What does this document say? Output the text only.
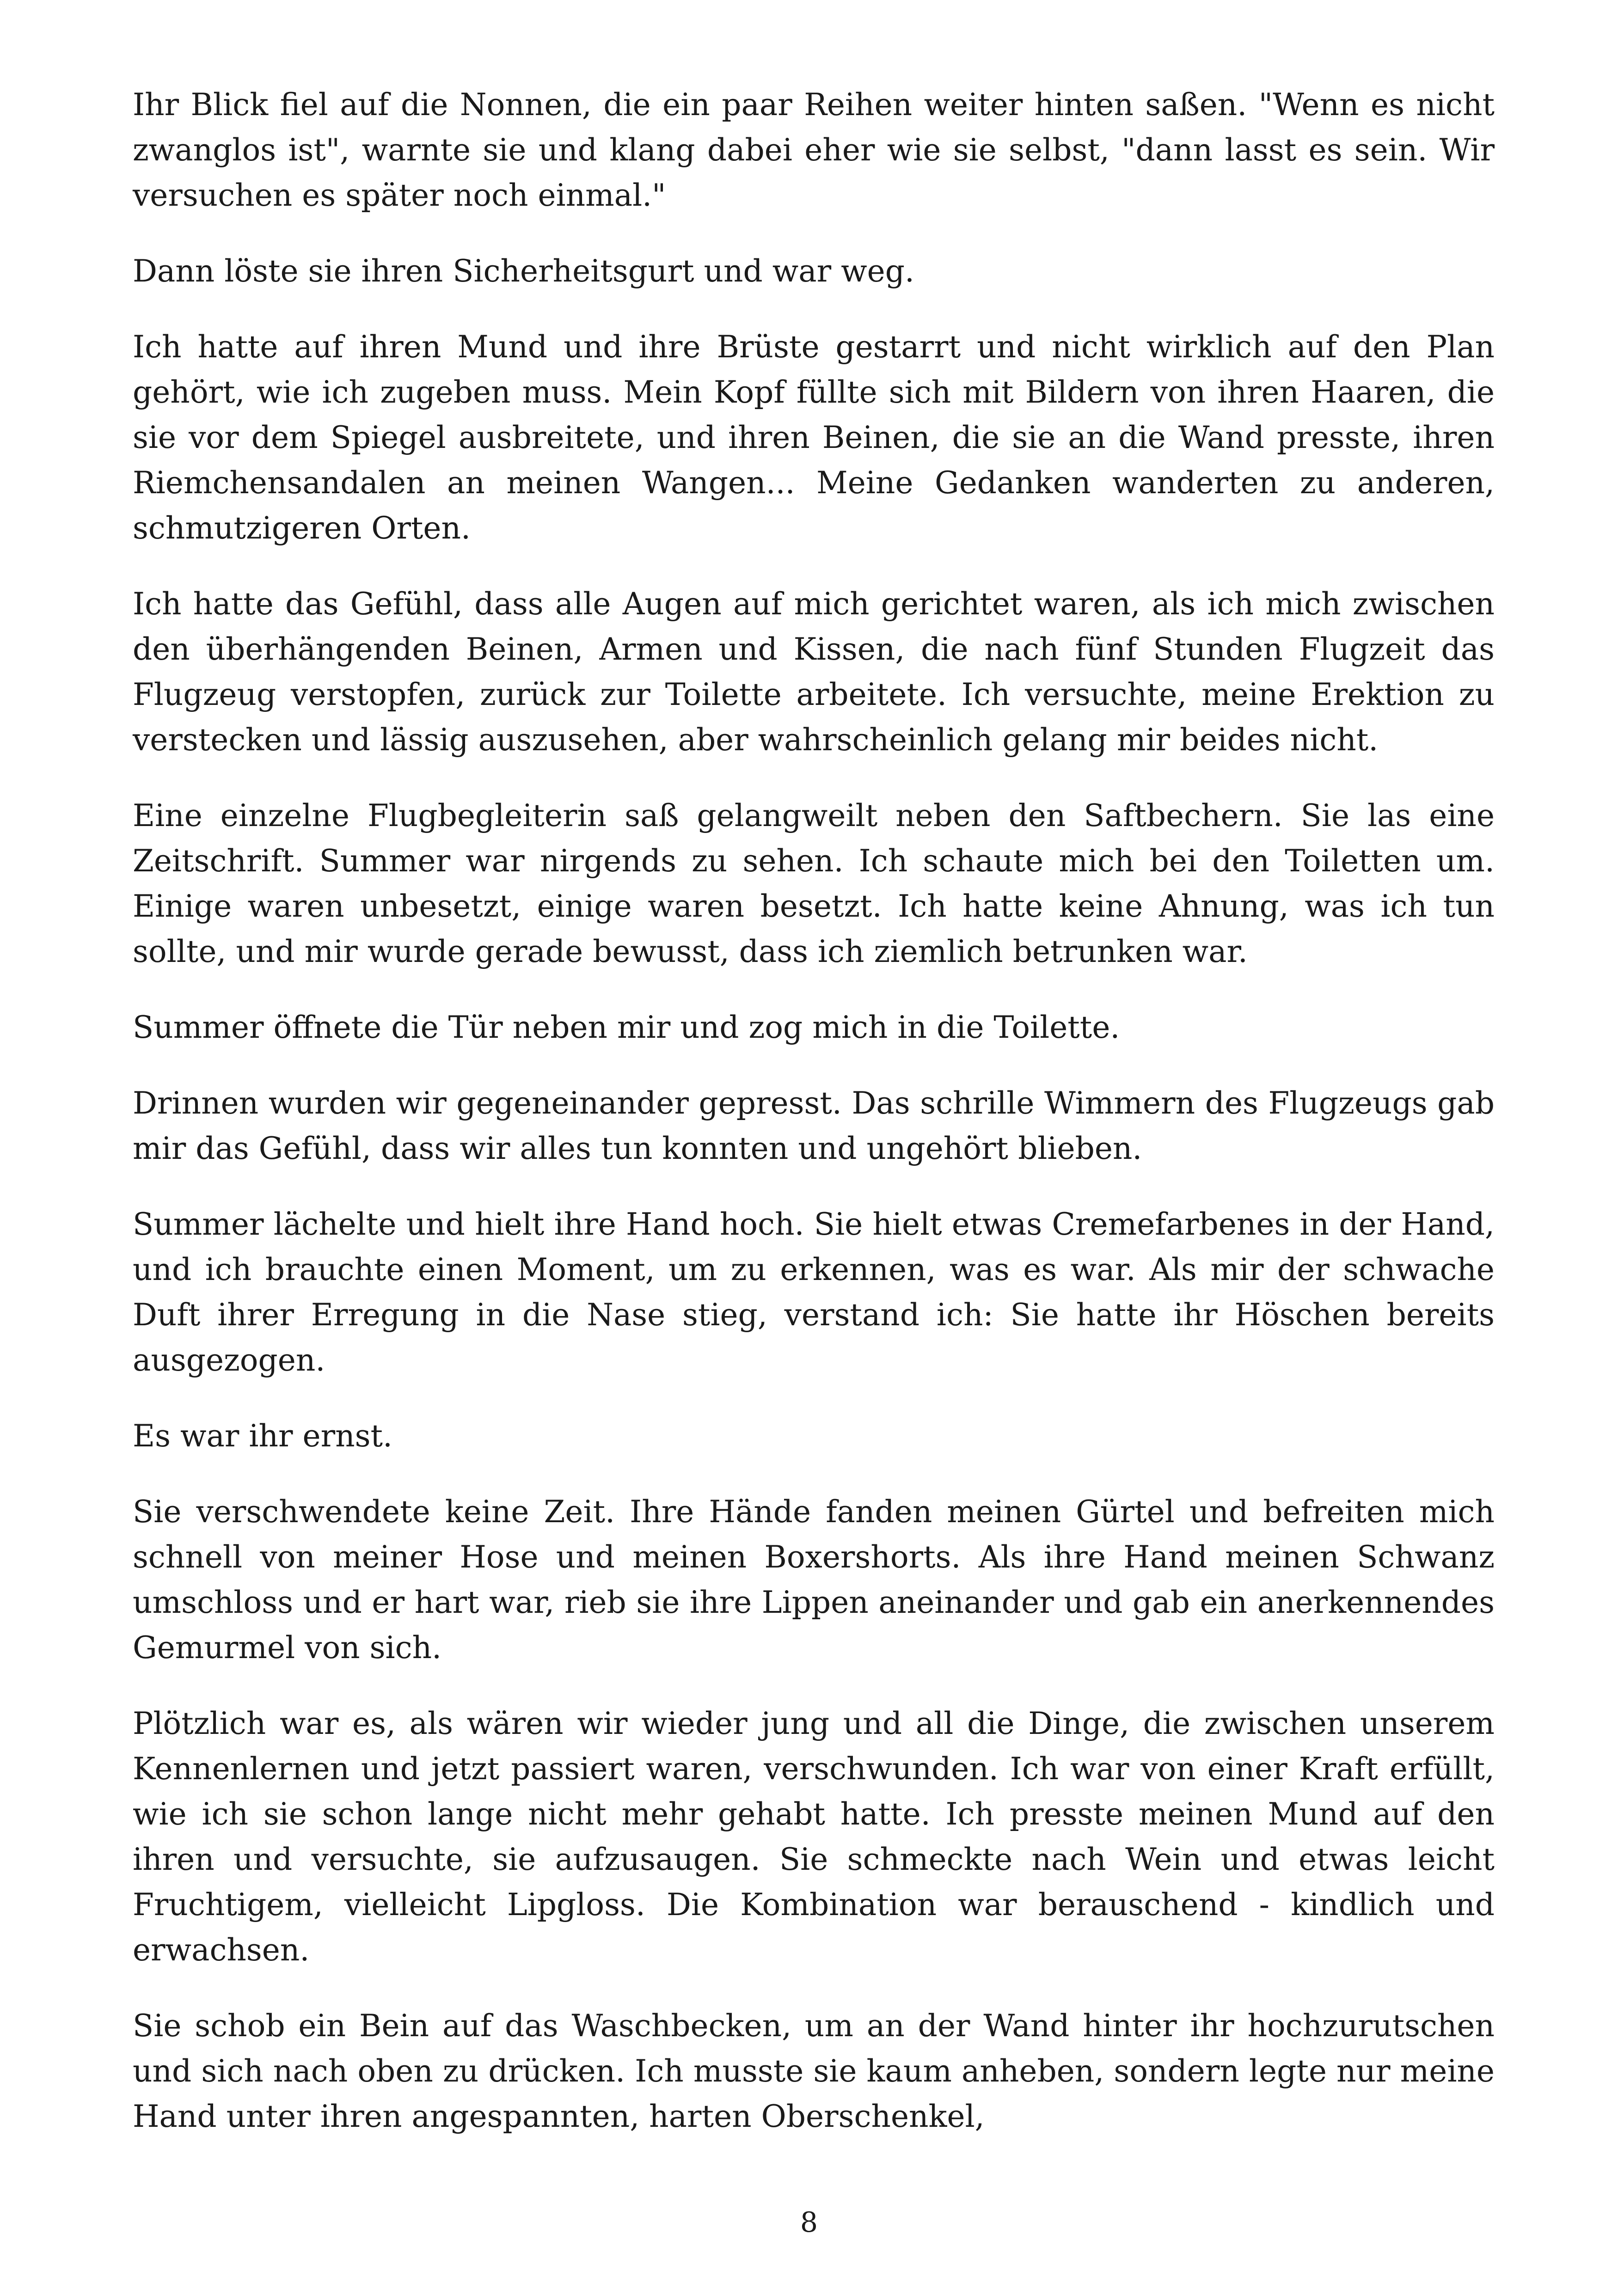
Ihr Blick fiel auf die Nonnen, die ein paar Reihen weiter hinten saßen. "Wenn es nicht zwanglos ist", warnte sie und klang dabei eher wie sie selbst, "dann lasst es sein. Wir versuchen es später noch einmal."

Dann löste sie ihren Sicherheitsgurt und war weg.

Ich hatte auf ihren Mund und ihre Brüste gestarrt und nicht wirklich auf den Plan gehört, wie ich zugeben muss. Mein Kopf füllte sich mit Bildern von ihren Haaren, die sie vor dem Spiegel ausbreitete, und ihren Beinen, die sie an die Wand presste, ihren Riemchensandalen an meinen Wangen... Meine Gedanken wanderten zu anderen, schmutzigeren Orten.

Ich hatte das Gefühl, dass alle Augen auf mich gerichtet waren, als ich mich zwischen den überhängenden Beinen, Armen und Kissen, die nach fünf Stunden Flugzeit das Flugzeug verstopfen, zurück zur Toilette arbeitete. Ich versuchte, meine Erektion zu verstecken und lässig auszusehen, aber wahrscheinlich gelang mir beides nicht.

Eine einzelne Flugbegleiterin saß gelangweilt neben den Saftbechern. Sie las eine Zeitschrift. Summer war nirgends zu sehen. Ich schaute mich bei den Toiletten um. Einige waren unbesetzt, einige waren besetzt. Ich hatte keine Ahnung, was ich tun sollte, und mir wurde gerade bewusst, dass ich ziemlich betrunken war.

Summer öffnete die Tür neben mir und zog mich in die Toilette.

Drinnen wurden wir gegeneinander gepresst. Das schrille Wimmern des Flugzeugs gab mir das Gefühl, dass wir alles tun konnten und ungehört blieben.

Summer lächelte und hielt ihre Hand hoch. Sie hielt etwas Cremefarbenes in der Hand, und ich brauchte einen Moment, um zu erkennen, was es war. Als mir der schwache Duft ihrer Erregung in die Nase stieg, verstand ich: Sie hatte ihr Höschen bereits ausgezogen.

Es war ihr ernst.

Sie verschwendete keine Zeit. Ihre Hände fanden meinen Gürtel und befreiten mich schnell von meiner Hose und meinen Boxershorts. Als ihre Hand meinen Schwanz umschloss und er hart war, rieb sie ihre Lippen aneinander und gab ein anerkennendes Gemurmel von sich.

Plötzlich war es, als wären wir wieder jung und all die Dinge, die zwischen unserem Kennenlernen und jetzt passiert waren, verschwunden. Ich war von einer Kraft erfüllt, wie ich sie schon lange nicht mehr gehabt hatte. Ich presste meinen Mund auf den ihren und versuchte, sie aufzusaugen. Sie schmeckte nach Wein und etwas leicht Fruchtigem, vielleicht Lipgloss. Die Kombination war berauschend - kindlich und erwachsen.

Sie schob ein Bein auf das Waschbecken, um an der Wand hinter ihr hochzurutschen und sich nach oben zu drücken. Ich musste sie kaum anheben, sondern legte nur meine Hand unter ihren angespannten, harten Oberschenkel,

8
